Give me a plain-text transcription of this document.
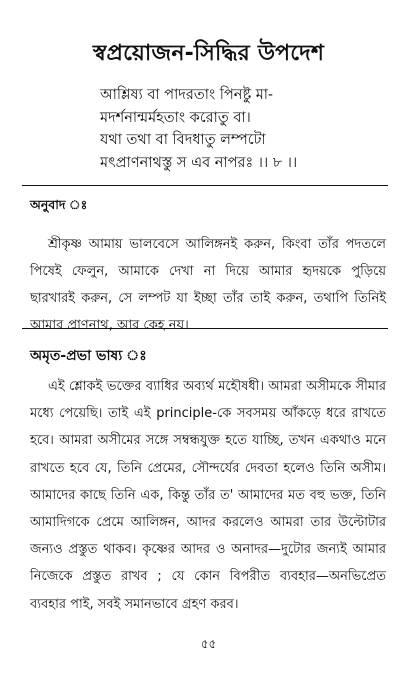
স্বপ্রয়োজন-সিদ্ধির উপদেশ
আশ্লিষ্য বা পাদরতাং পিনষ্টু মা-
মদর্শনান্মর্মহতাং করোতু বা।
যথা তথা বা বিদধাতু লম্পটো
মৎপ্রাণনাথস্তু স এব নাপরঃ ।। ৮ ।।
অনুবাদ ঃ

শ্রীকৃষ্ণ আমায় ভালবেসে আলিঙ্গনই করুন, কিংবা তাঁর পদতলে পিষেই ফেলুন, আমাকে দেখা না দিয়ে আমার হৃদয়কে পুড়িয়ে ছারখারই করুন, সে লম্পট যা ইচ্ছা তাঁর তাই করুন, তথাপি তিনিই আমার প্রাণনাথ, আর কেহ নয়।

অমৃত-প্রভা ভাষ্য ঃ

এই শ্লোকই ভক্তের ব্যাধির অব্যর্থ মহৌষধী। আমরা অসীমকে সীমার মধ্যে পেয়েছি। তাই এই principle-কে সবসময় আঁকড়ে ধরে রাখতে হবে। আমরা অসীমের সঙ্গে সম্বন্ধযুক্ত হতে যাচ্ছি, তখন একথাও মনে রাখতে হবে যে, তিনি প্রেমের, সৌন্দর্যের দেবতা হলেও তিনি অসীম। আমাদের কাছে তিনি এক, কিন্তু তাঁর ত' আমাদের মত বহু ভক্ত, তিনি আমাদিগকে প্রেমে আলিঙ্গন, আদর করলেও আমরা তার উল্টোটার জন্যও প্রস্তুত থাকব। কৃষ্ণের আদর ও অনাদর—দুটোর জন্যই আমার নিজেকে প্রস্তুত রাখব ; যে কোন বিপরীত ব্যবহার—অনভিপ্রেত ব্যবহার পাই, সবই সমানভাবে গ্রহণ করব।

৫৫
